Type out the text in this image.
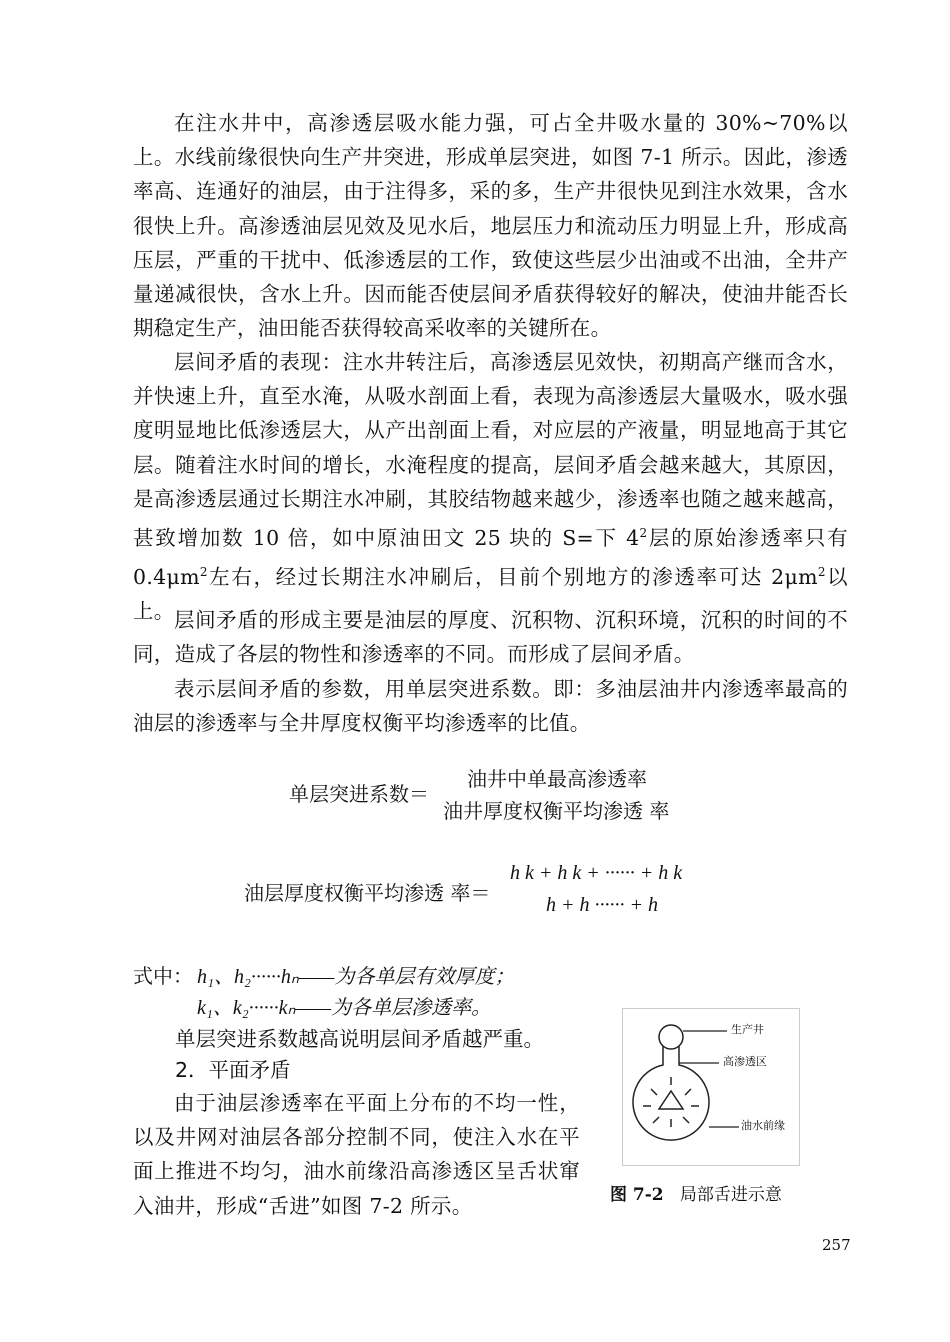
在注水井中，高渗透层吸水能力强，可占全井吸水量的 30%~70%以上。水线前缘很快向生产井突进，形成单层突进，如图 7-1 所示。因此，渗透率高、连通好的油层，由于注得多，采的多，生产井很快见到注水效果，含水很快上升。高渗透油层见效及见水后，地层压力和流动压力明显上升，形成高压层，严重的干扰中、低渗透层的工作，致使这些层少出油或不出油，全井产量递减很快，含水上升。因而能否使层间矛盾获得较好的解决，使油井能否长期稳定生产，油田能否获得较高采收率的关键所在。

层间矛盾的表现：注水井转注后，高渗透层见效快，初期高产继而含水，并快速上升，直至水淹，从吸水剖面上看，表现为高渗透层大量吸水，吸水强度明显地比低渗透层大，从产出剖面上看，对应层的产液量，明显地高于其它层。随着注水时间的增长，水淹程度的提高，层间矛盾会越来越大，其原因，是高渗透层通过长期注水冲刷，其胶结物越来越少，渗透率也随之越来越高，甚致增加数 10 倍，如中原油田文 25 块的 S=下 $4^2$层的原始渗透率只有 $0.4\mu m^2$左右，经过长期注水冲刷后，目前个别地方的渗透率可达 $2\mu m^2$以上。 层间矛盾的形成主要是油层的厚度、沉积物、沉积环境，沉积的时间的不同，造成了各层的物性和渗透率的不同。而形成了层间矛盾。

表示层间矛盾的参数，用单层突进系数。即：多油层油井内渗透率最高的油层的渗透率与全井厚度权衡平均渗透率的比值。

单层突进系数＝
油井中单最高渗透率
油井厚度权衡平均渗透 率
油层厚度权衡平均渗透 率＝
h k + h k + ······ + h k
h + h ······ + h
式中： h₁、h₂······hₙ——为各单层有效厚度；
k₁、k₂······kₙ——为各单层渗透率。
单层突进系数越高说明层间矛盾越严重。
2．平面矛盾

由于油层渗透率在平面上分布的不均一性，以及井网对油层各部分控制不同，使注入水在平面上推进不均匀，油水前缘沿高渗透区呈舌状窜入油井，形成“舌进”如图 7-2 所示。

生产井
高渗透区
油水前缘
图 7-2 局部舌进示意
257
